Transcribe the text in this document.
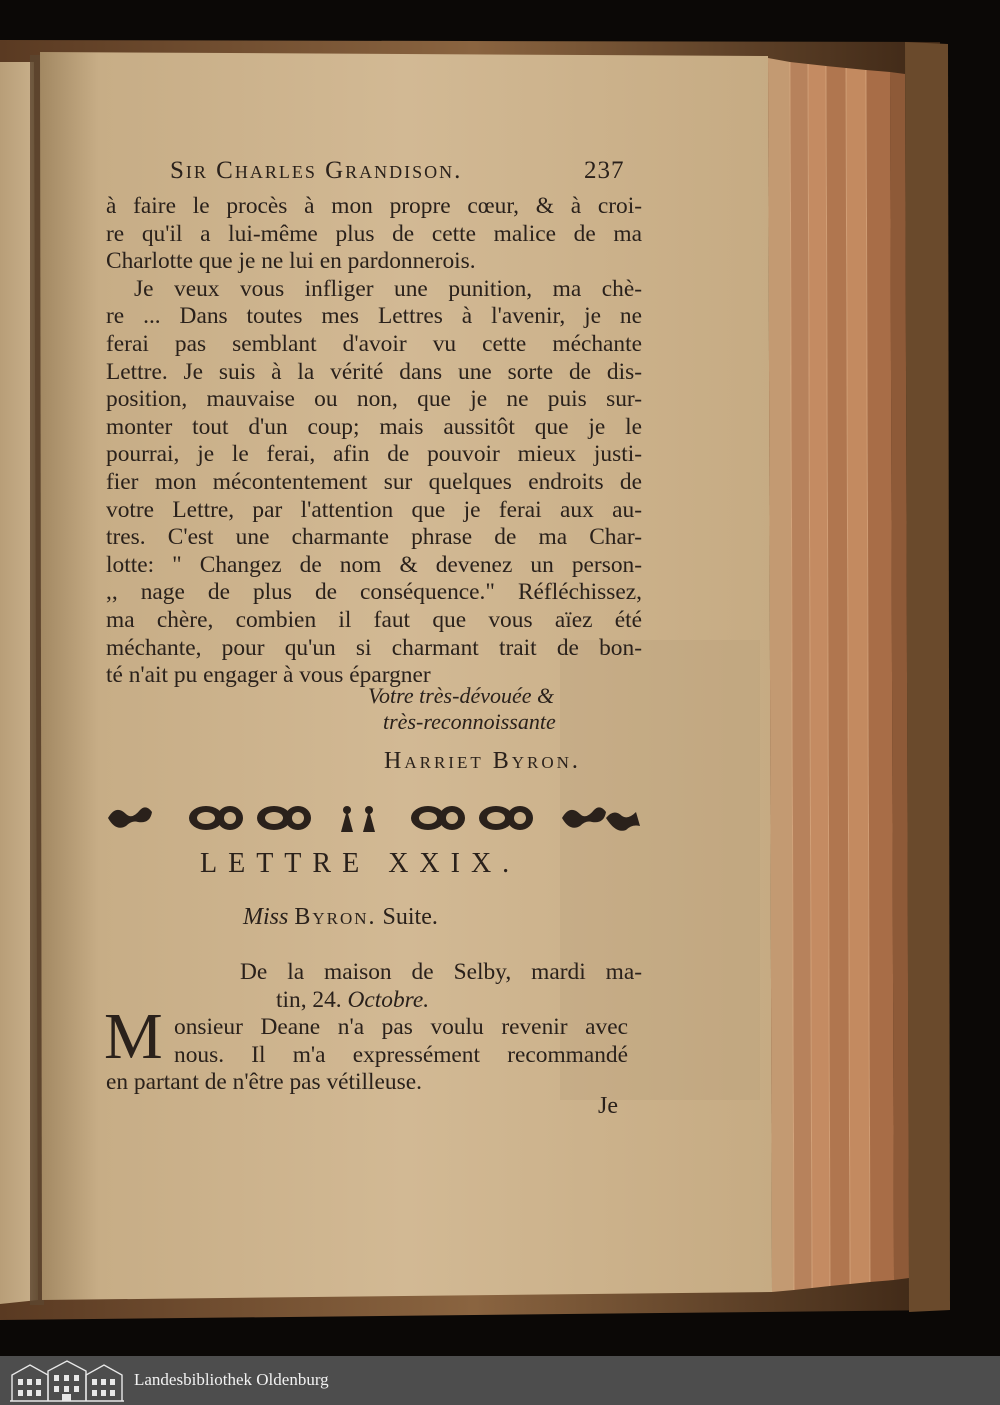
Sir Charles Grandison.	237
à faire le procès à mon propre cœur, & à croi-
re qu'il a lui-même plus de cette malice de ma
Charlotte que je ne lui en pardonnerois.
Je veux vous infliger une punition, ma chè-
re ... Dans toutes mes Lettres à l'avenir, je ne
ferai pas semblant d'avoir vu cette méchante
Lettre. Je suis à la vérité dans une sorte de dis-
position, mauvaise ou non, que je ne puis sur-
monter tout d'un coup; mais aussitôt que je le
pourrai, je le ferai, afin de pouvoir mieux justi-
fier mon mécontentement sur quelques endroits de
votre Lettre, par l'attention que je ferai aux au-
tres. C'est une charmante phrase de ma Char-
lotte: " Changez de nom & devenez un person-
,, nage de plus de conséquence." Réfléchissez,
ma chère, combien il faut que vous aïez été
méchante, pour qu'un si charmant trait de bon-
té n'ait pu engager à vous épargner
Votre très-dévouée &
très-reconnoissante
Harriet Byron.
LETTRE XXIX.
Miss Byron. Suite.
De la maison de Selby, mardi ma-
tin, 24. Octobre.
M onsieur Deane n'a pas voulu revenir avec
nous. Il m'a expressément recommandé
en partant de n'être pas vétilleuse.
Je
Landesbibliothek Oldenburg
